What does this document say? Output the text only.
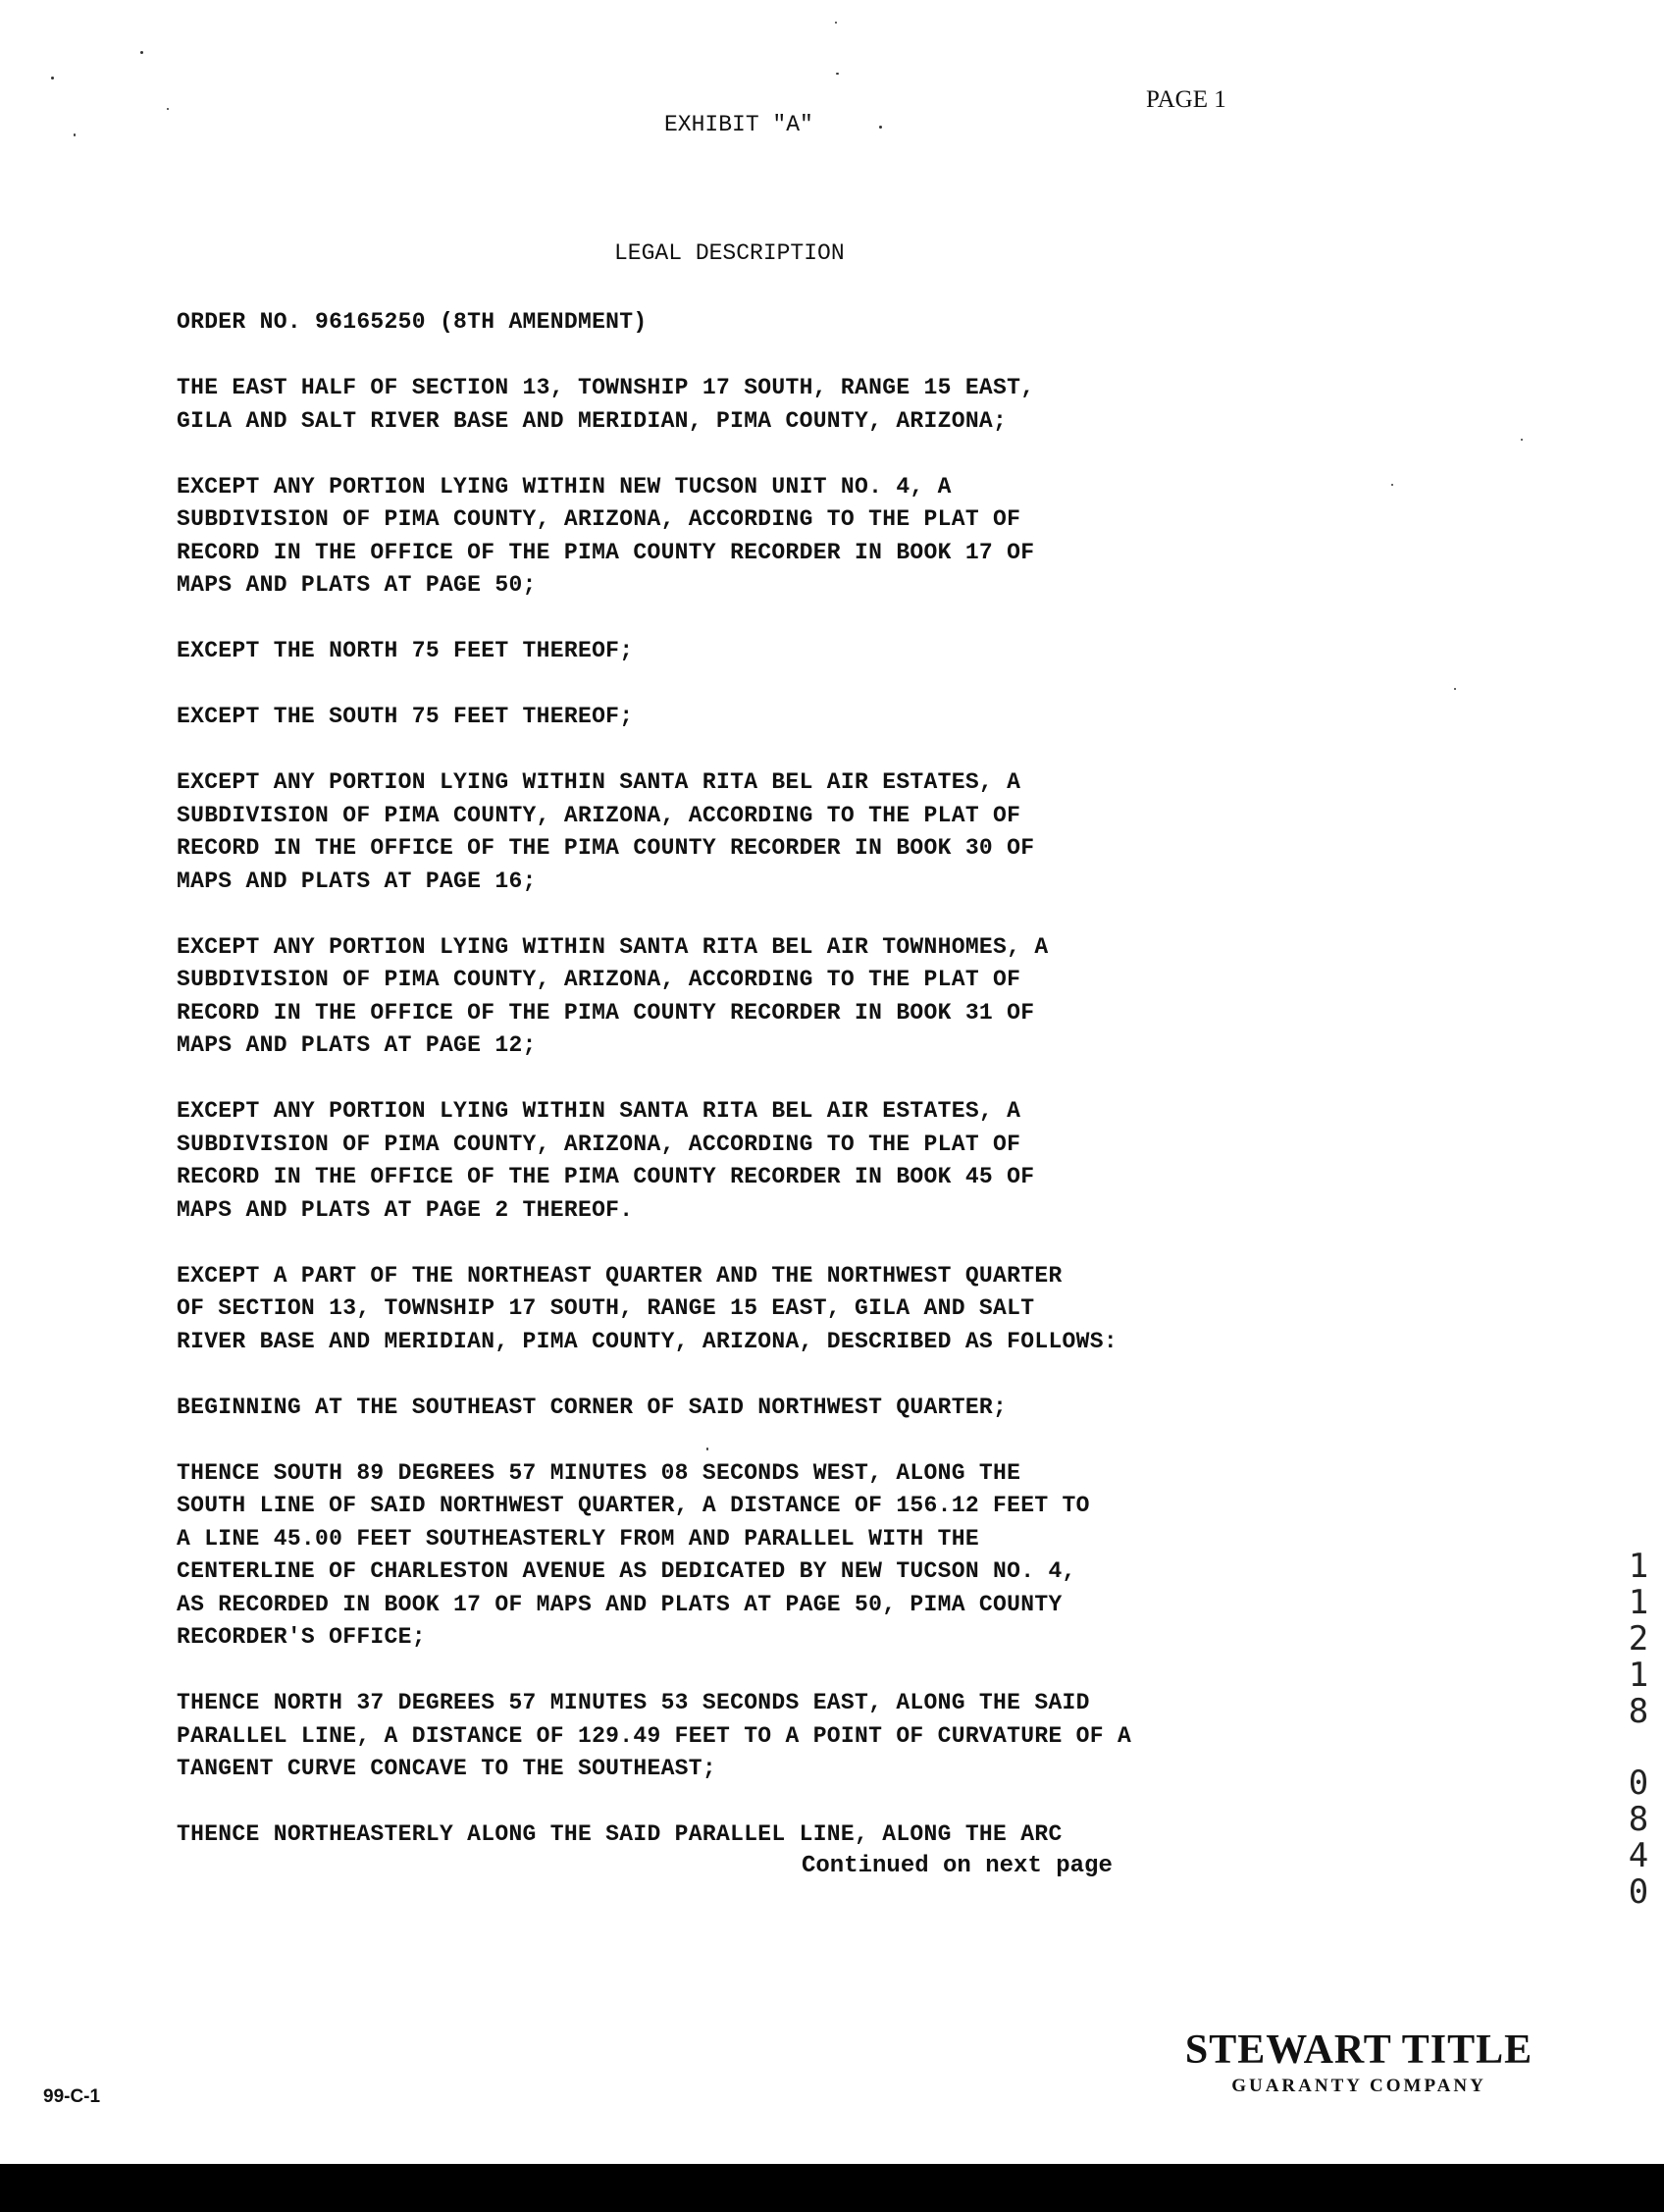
PAGE 1
EXHIBIT "A"
LEGAL DESCRIPTION
ORDER NO. 96165250 (8TH AMENDMENT)
THE EAST HALF OF SECTION 13, TOWNSHIP 17 SOUTH, RANGE 15 EAST,
GILA AND SALT RIVER BASE AND MERIDIAN, PIMA COUNTY, ARIZONA;
EXCEPT ANY PORTION LYING WITHIN NEW TUCSON UNIT NO. 4, A
SUBDIVISION OF PIMA COUNTY, ARIZONA, ACCORDING TO THE PLAT OF
RECORD IN THE OFFICE OF THE PIMA COUNTY RECORDER IN BOOK 17 OF
MAPS AND PLATS AT PAGE 50;
EXCEPT THE NORTH 75 FEET THEREOF;
EXCEPT THE SOUTH 75 FEET THEREOF;
EXCEPT ANY PORTION LYING WITHIN SANTA RITA BEL AIR ESTATES, A
SUBDIVISION OF PIMA COUNTY, ARIZONA, ACCORDING TO THE PLAT OF
RECORD IN THE OFFICE OF THE PIMA COUNTY RECORDER IN BOOK 30 OF
MAPS AND PLATS AT PAGE 16;
EXCEPT ANY PORTION LYING WITHIN SANTA RITA BEL AIR TOWNHOMES, A
SUBDIVISION OF PIMA COUNTY, ARIZONA, ACCORDING TO THE PLAT OF
RECORD IN THE OFFICE OF THE PIMA COUNTY RECORDER IN BOOK 31 OF
MAPS AND PLATS AT PAGE 12;
EXCEPT ANY PORTION LYING WITHIN SANTA RITA BEL AIR ESTATES, A
SUBDIVISION OF PIMA COUNTY, ARIZONA, ACCORDING TO THE PLAT OF
RECORD IN THE OFFICE OF THE PIMA COUNTY RECORDER IN BOOK 45 OF
MAPS AND PLATS AT PAGE 2 THEREOF.
EXCEPT A PART OF THE NORTHEAST QUARTER AND THE NORTHWEST QUARTER
OF SECTION 13, TOWNSHIP 17 SOUTH, RANGE 15 EAST, GILA AND SALT
RIVER BASE AND MERIDIAN, PIMA COUNTY, ARIZONA, DESCRIBED AS FOLLOWS:
BEGINNING AT THE SOUTHEAST CORNER OF SAID NORTHWEST QUARTER;
THENCE SOUTH 89 DEGREES 57 MINUTES 08 SECONDS WEST, ALONG THE
SOUTH LINE OF SAID NORTHWEST QUARTER, A DISTANCE OF 156.12 FEET TO
A LINE 45.00 FEET SOUTHEASTERLY FROM AND PARALLEL WITH THE
CENTERLINE OF CHARLESTON AVENUE AS DEDICATED BY NEW TUCSON NO. 4,
AS RECORDED IN BOOK 17 OF MAPS AND PLATS AT PAGE 50, PIMA COUNTY
RECORDER'S OFFICE;
THENCE NORTH 37 DEGREES 57 MINUTES 53 SECONDS EAST, ALONG THE SAID
PARALLEL LINE, A DISTANCE OF 129.49 FEET TO A POINT OF CURVATURE OF A
TANGENT CURVE CONCAVE TO THE SOUTHEAST;
THENCE NORTHEASTERLY ALONG THE SAID PARALLEL LINE, ALONG THE ARC
Continued on next page
1
1
2
1
8
0
8
4
0
STEWART TITLE
GUARANTY COMPANY
99-C-1
